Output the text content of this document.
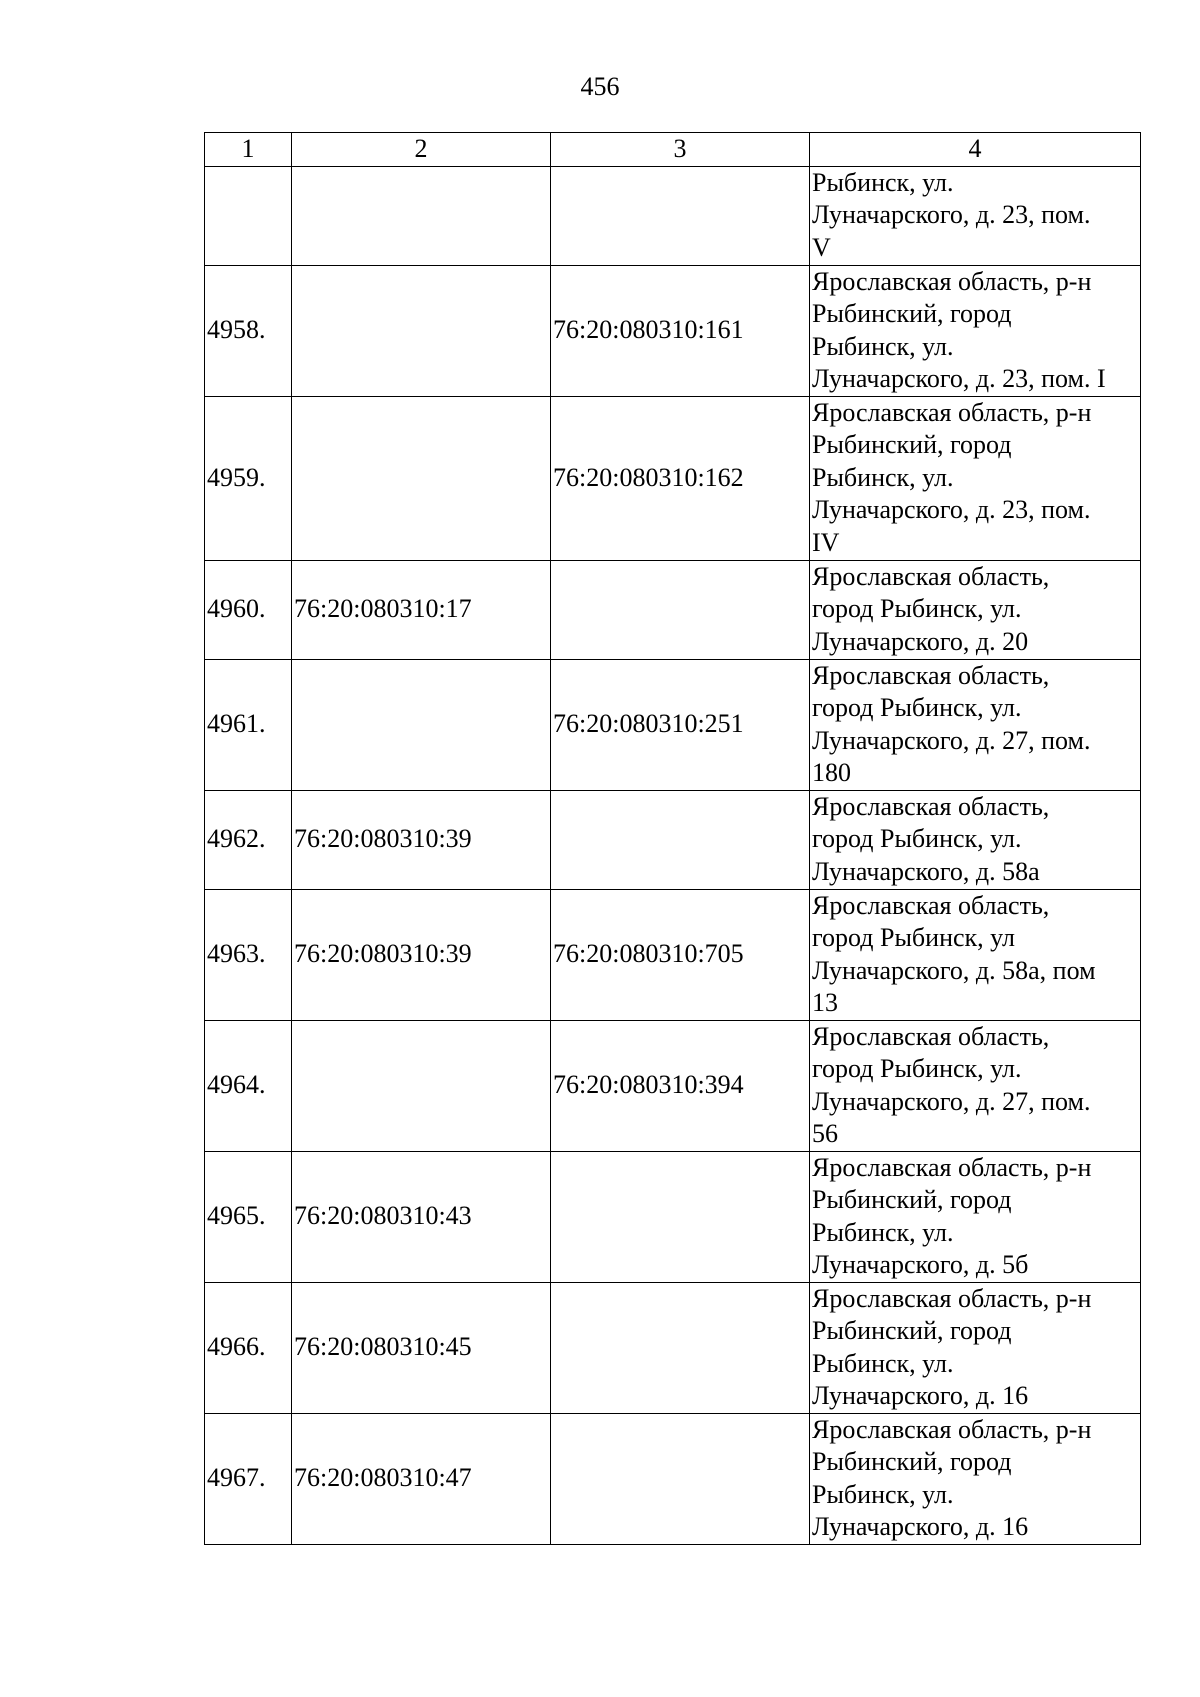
456
1	2	3	4
			Рыбинск, ул.
Луначарского, д. 23, пом.
V
4958.		76:20:080310:161	Ярославская область, р-н
Рыбинский, город
Рыбинск, ул.
Луначарского, д. 23, пом. I
4959.		76:20:080310:162	Ярославская область, р-н
Рыбинский, город
Рыбинск, ул.
Луначарского, д. 23, пом.
IV
4960.	76:20:080310:17		Ярославская область,
город Рыбинск, ул.
Луначарского, д. 20
4961.		76:20:080310:251	Ярославская область,
город Рыбинск, ул.
Луначарского, д. 27, пом.
180
4962.	76:20:080310:39		Ярославская область,
город Рыбинск, ул.
Луначарского, д. 58а
4963.	76:20:080310:39	76:20:080310:705	Ярославская область,
город Рыбинск, ул
Луначарского, д. 58а, пом
13
4964.		76:20:080310:394	Ярославская область,
город Рыбинск, ул.
Луначарского, д. 27, пом.
56
4965.	76:20:080310:43		Ярославская область, р-н
Рыбинский, город
Рыбинск, ул.
Луначарского, д. 5б
4966.	76:20:080310:45		Ярославская область, р-н
Рыбинский, город
Рыбинск, ул.
Луначарского, д. 16
4967.	76:20:080310:47		Ярославская область, р-н
Рыбинский, город
Рыбинск, ул.
Луначарского, д. 16
